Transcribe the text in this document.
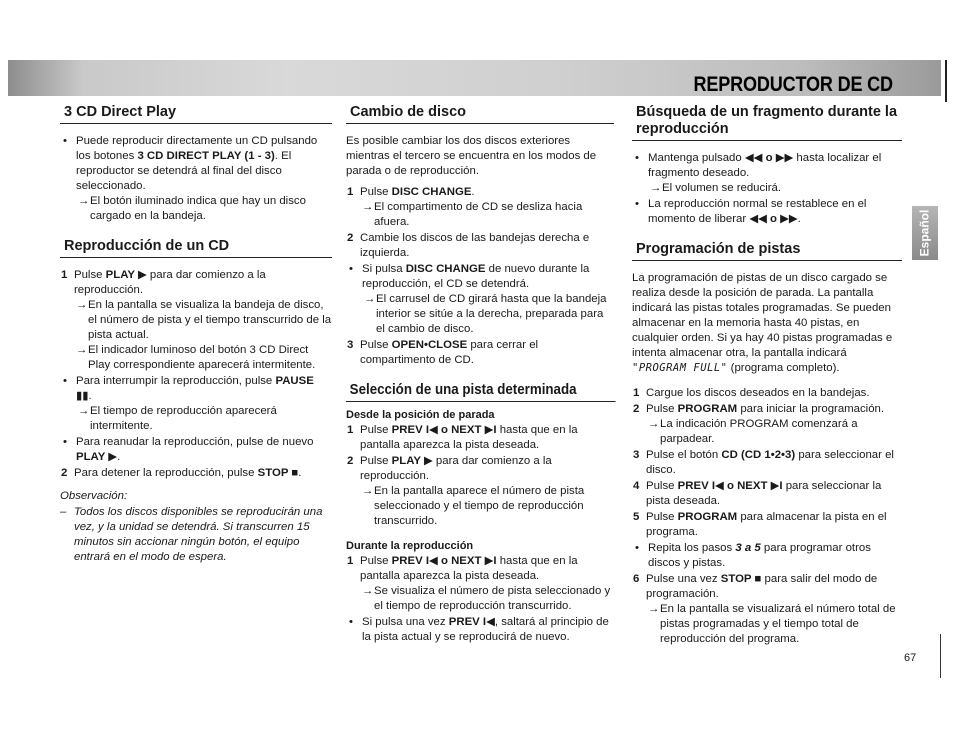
REPRODUCTOR DE CD
3 CD Direct Play
• Puede reproducir directamente un CD pulsando los botones 3 CD DIRECT PLAY (1 - 3). El reproductor se detendrá al final del disco seleccionado.
→ El botón iluminado indica que hay un disco cargado en la bandeja.
Reproducción de un CD
1 Pulse PLAY ▶ para dar comienzo a la reproducción.
→ En la pantalla se visualiza la bandeja de disco, el número de pista y el tiempo transcurrido de la pista actual.
→ El indicador luminoso del botón 3 CD Direct Play correspondiente aparecerá intermitente.
• Para interrumpir la reproducción, pulse PAUSE ▮▮.
→ El tiempo de reproducción aparecerá intermitente.
• Para reanudar la reproducción, pulse de nuevo PLAY ▶.
2 Para detener la reproducción, pulse STOP ■.
Observación:
– Todos los discos disponibles se reproducirán una vez, y la unidad se detendrá. Si transcurren 15 minutos sin accionar ningún botón, el equipo entrará en el modo de espera.
Cambio de disco

Es posible cambiar los dos discos exteriores mientras el tercero se encuentra en los modos de parada o de reproducción.

1 Pulse DISC CHANGE.
→ El compartimento de CD se desliza hacia afuera.
2 Cambie los discos de las bandejas derecha e izquierda.
• Si pulsa DISC CHANGE de nuevo durante la reproducción, el CD se detendrá.
→ El carrusel de CD girará hasta que la bandeja interior se sitúe a la derecha, preparada para el cambio de disco.
3 Pulse OPEN•CLOSE para cerrar el compartimento de CD.
Selección de una pista determinada
Desde la posición de parada
1 Pulse PREV I◀ o NEXT ▶I hasta que en la pantalla aparezca la pista deseada.
2 Pulse PLAY ▶ para dar comienzo a la reproducción.
→ En la pantalla aparece el número de pista seleccionado y el tiempo de reproducción transcurrido.
Durante la reproducción
1 Pulse PREV I◀ o NEXT ▶I hasta que en la pantalla aparezca la pista deseada.
→ Se visualiza el número de pista seleccionado y el tiempo de reproducción transcurrido.
• Si pulsa una vez PREV I◀, saltará al principio de la pista actual y se reproducirá de nuevo.
Búsqueda de un fragmento durante la reproducción
• Mantenga pulsado ◀◀ o ▶▶ hasta localizar el fragmento deseado.
→ El volumen se reducirá.
• La reproducción normal se restablece en el momento de liberar ◀◀ o ▶▶.
Programación de pistas

La programación de pistas de un disco cargado se realiza desde la posición de parada. La pantalla indicará las pistas totales programadas. Se pueden almacenar en la memoria hasta 40 pistas, en cualquier orden. Si ya hay 40 pistas programadas e intenta almacenar otra, la pantalla indicará "PROGRAM FULL" (programa completo).

1 Cargue los discos deseados en la bandejas.
2 Pulse PROGRAM para iniciar la programación.
→ La indicación PROGRAM comenzará a parpadear.
3 Pulse el botón CD (CD 1•2•3) para seleccionar el disco.
4 Pulse PREV I◀ o NEXT ▶I para seleccionar la pista deseada.
5 Pulse PROGRAM para almacenar la pista en el programa.
• Repita los pasos 3 a 5 para programar otros discos y pistas.
6 Pulse una vez STOP ■ para salir del modo de programación.
→ En la pantalla se visualizará el número total de pistas programadas y el tiempo total de reproducción del programa.
Español
67
